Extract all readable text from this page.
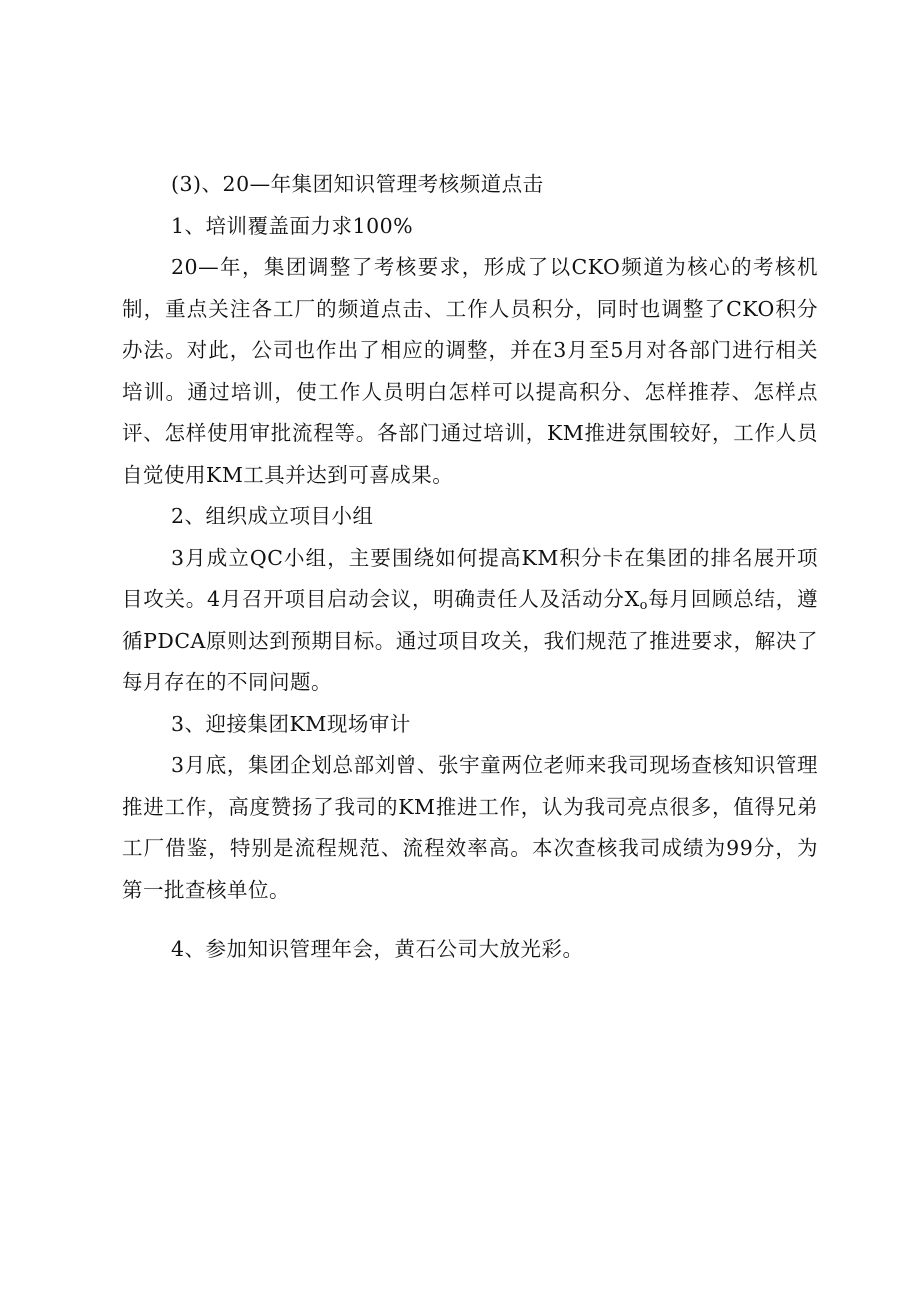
(3)、20—年集团知识管理考核频道点击

1、培训覆盖面力求100%

20—年，集团调整了考核要求，形成了以CKO频道为核心的考核机制，重点关注各工厂的频道点击、工作人员积分，同时也调整了CKO积分办法。对此，公司也作出了相应的调整，并在3月至5月对各部门进行相关培训。通过培训，使工作人员明白怎样可以提高积分、怎样推荐、怎样点评、怎样使用审批流程等。各部门通过培训，KM推进氛围较好，工作人员自觉使用KM工具并达到可喜成果。

2、组织成立项目小组

3月成立QC小组，主要围绕如何提高KM积分卡在集团的排名展开项目攻关。4月召开项目启动会议，明确责任人及活动分$X_o$每月回顾总结，遵循PDCA原则达到预期目标。通过项目攻关，我们规范了推进要求，解决了每月存在的不同问题。

3、迎接集团KM现场审计

3月底，集团企划总部刘曾、张宇童两位老师来我司现场查核知识管理推进工作，高度赞扬了我司的KM推进工作，认为我司亮点很多，值得兄弟工厂借鉴，特别是流程规范、流程效率高。本次查核我司成绩为99分，为第一批查核单位。

4、参加知识管理年会，黄石公司大放光彩。
